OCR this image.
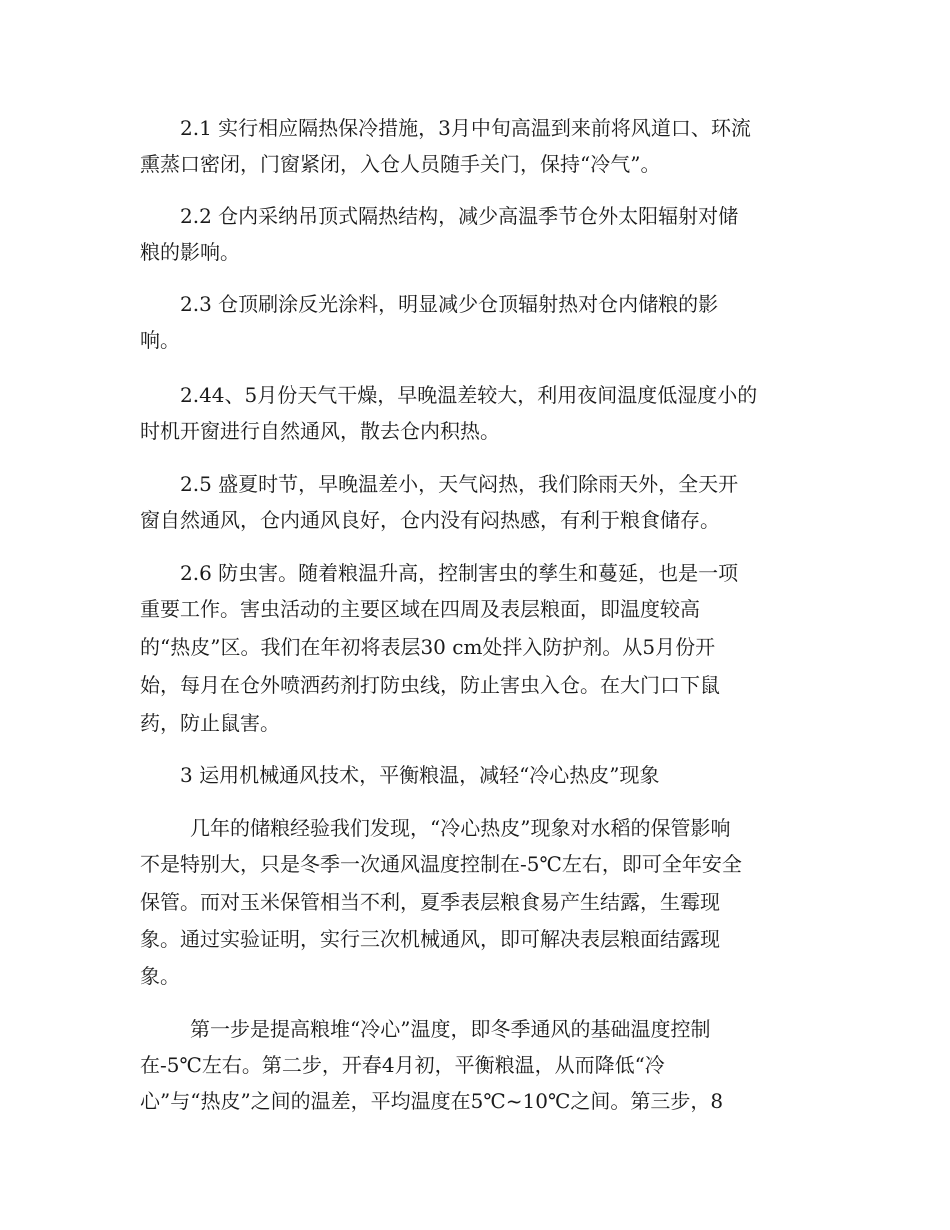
2.1 实行相应隔热保冷措施，3月中旬高温到来前将风道口、环流
熏蒸口密闭，门窗紧闭，入仓人员随手关门，保持“冷气”。
2.2 仓内采纳吊顶式隔热结构，减少高温季节仓外太阳辐射对储
粮的影响。
2.3 仓顶刷涂反光涂料，明显减少仓顶辐射热对仓内储粮的影
响。
2.44、5月份天气干燥，早晚温差较大，利用夜间温度低湿度小的
时机开窗进行自然通风，散去仓内积热。
2.5 盛夏时节，早晚温差小，天气闷热，我们除雨天外，全天开
窗自然通风，仓内通风良好，仓内没有闷热感，有利于粮食储存。
2.6 防虫害。随着粮温升高，控制害虫的孳生和蔓延，也是一项
重要工作。害虫活动的主要区域在四周及表层粮面，即温度较高
的“热皮”区。我们在年初将表层30 cm处拌入防护剂。从5月份开
始，每月在仓外喷洒药剂打防虫线，防止害虫入仓。在大门口下鼠
药，防止鼠害。
3 运用机械通风技术，平衡粮温，减轻“冷心热皮”现象
几年的储粮经验我们发现，“冷心热皮”现象对水稻的保管影响
不是特别大，只是冬季一次通风温度控制在-5℃左右，即可全年安全
保管。而对玉米保管相当不利，夏季表层粮食易产生结露，生霉现
象。通过实验证明，实行三次机械通风，即可解决表层粮面结露现
象。
第一步是提高粮堆“冷心”温度，即冬季通风的基础温度控制
在-5℃左右。第二步，开春4月初，平衡粮温，从而降低“冷
心”与“热皮”之间的温差，平均温度在5℃~10℃之间。第三步，8
